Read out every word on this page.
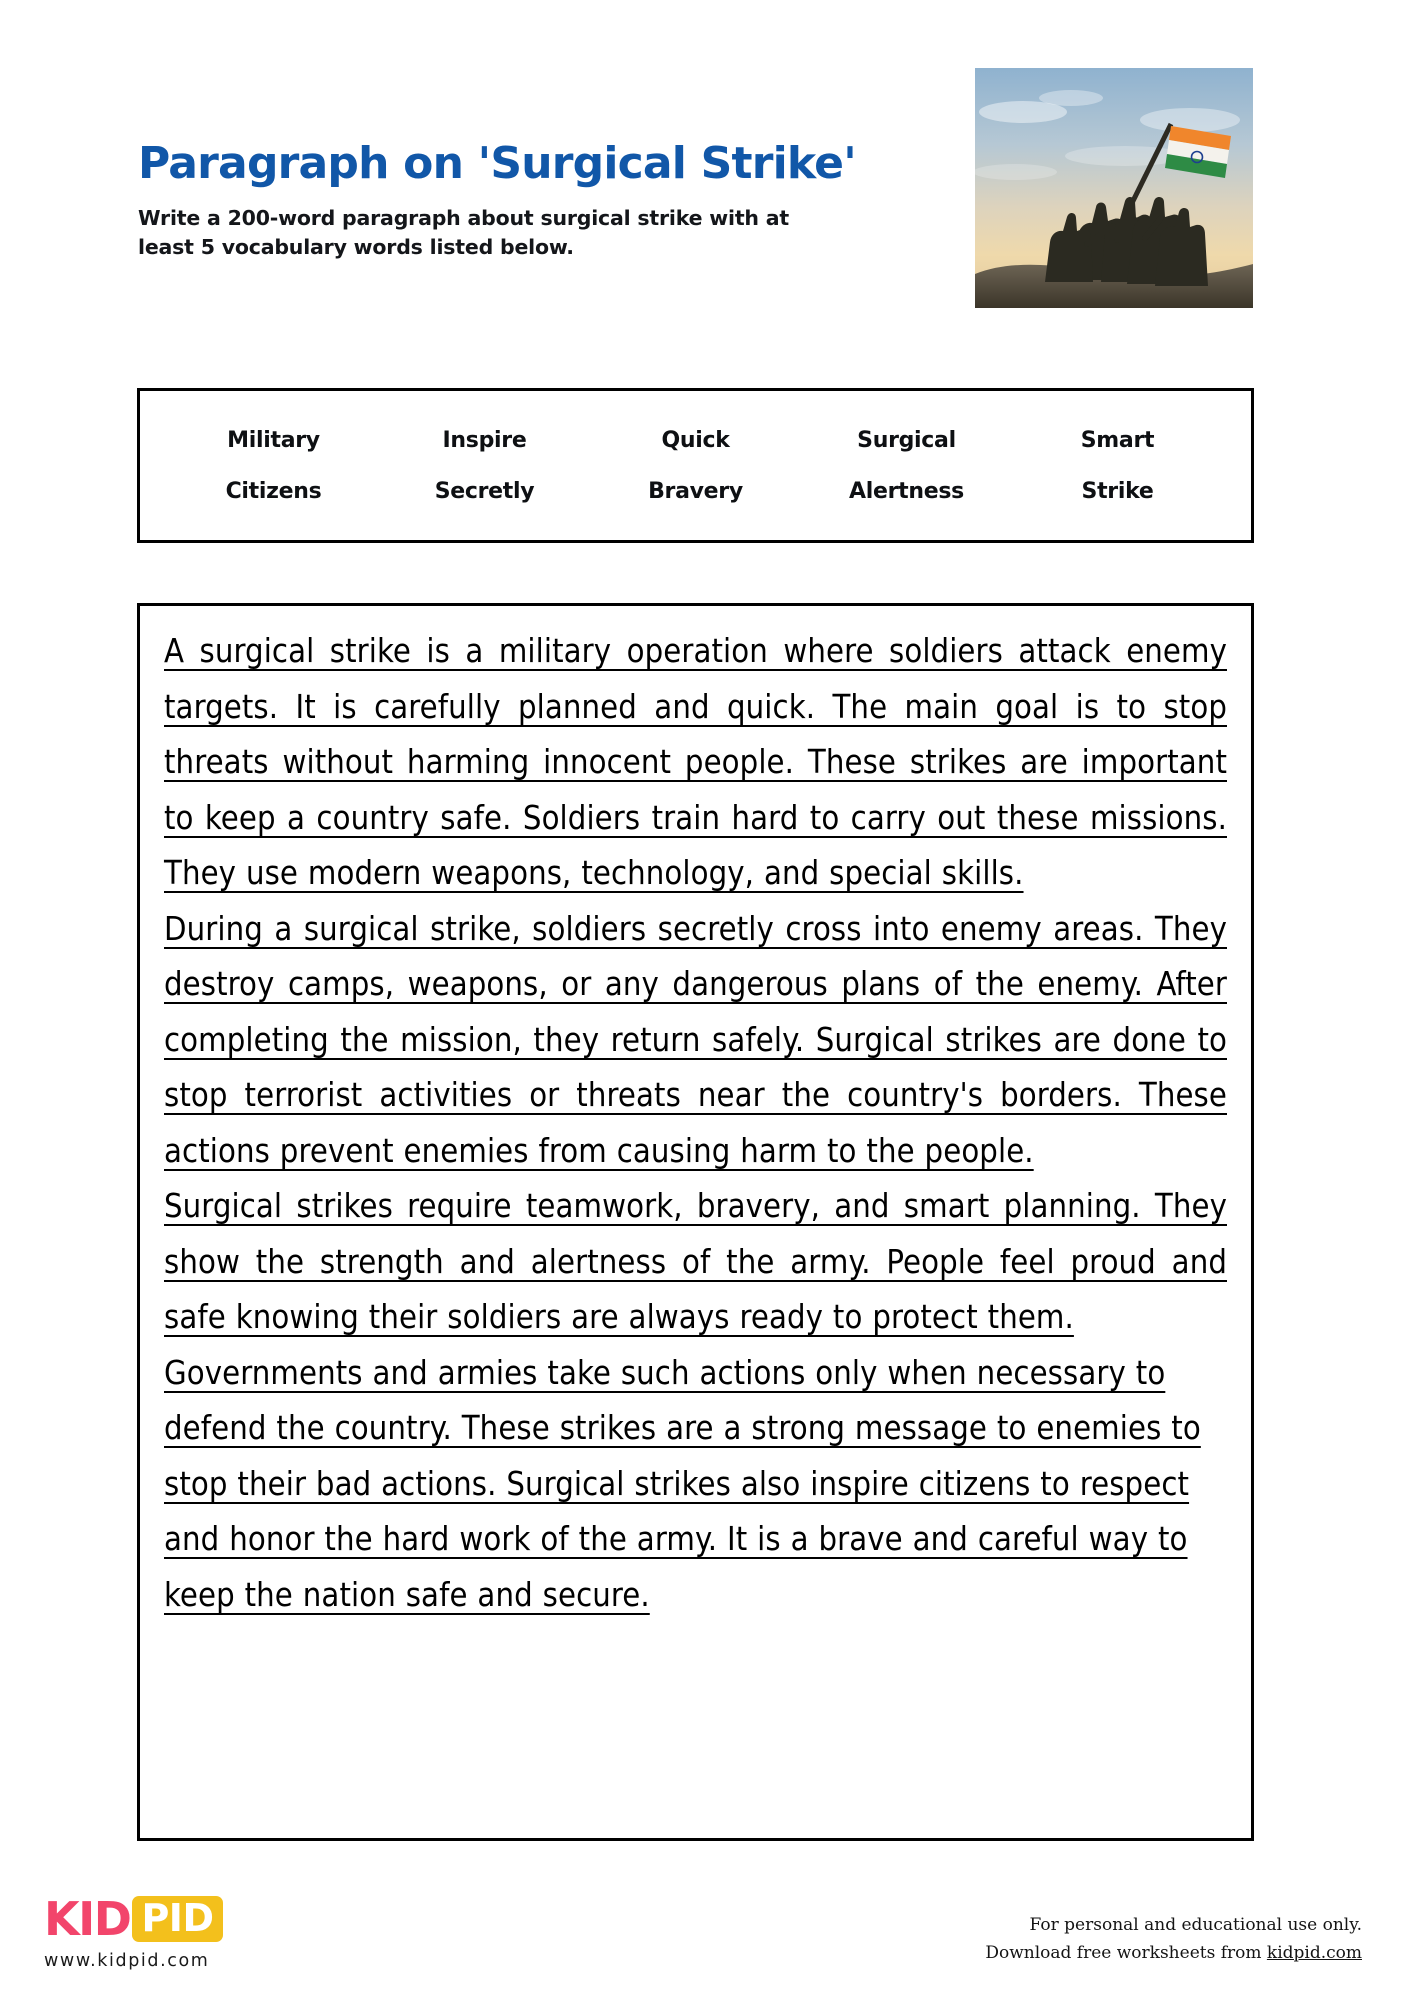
Paragraph on 'Surgical Strike'

Write a 200-word paragraph about surgical strike with at least 5 vocabulary words listed below.

Military	Inspire	Quick	Surgical	Smart
Citizens	Secretly	Bravery	Alertness	Strike

A surgical strike is a military operation where soldiers attack enemy targets. It is carefully planned and quick. The main goal is to stop threats without harming innocent people. These strikes are important to keep a country safe. Soldiers train hard to carry out these missions. They use modern weapons, technology, and special skills.

During a surgical strike, soldiers secretly cross into enemy areas. They destroy camps, weapons, or any dangerous plans of the enemy. After completing the mission, they return safely. Surgical strikes are done to stop terrorist activities or threats near the country's borders. These actions prevent enemies from causing harm to the people.

Surgical strikes require teamwork, bravery, and smart planning. They show the strength and alertness of the army. People feel proud and safe knowing their soldiers are always ready to protect them.

Governments and armies take such actions only when necessary to defend the country. These strikes are a strong message to enemies to stop their bad actions. Surgical strikes also inspire citizens to respect and honor the hard work of the army. It is a brave and careful way to keep the nation safe and secure.

KID PID
www.kidpid.com
For personal and educational use only.
Download free worksheets from kidpid.com
